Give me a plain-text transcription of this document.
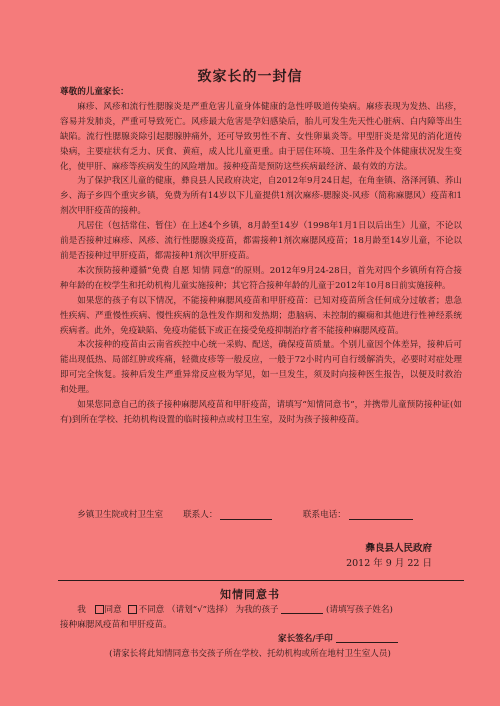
致家长的一封信

尊敬的儿童家长：

麻疹、风疹和流行性腮腺炎是严重危害儿童身体健康的急性呼吸道传染病。麻疹表现为发热、出疹，容易并发肺炎，严重可导致死亡。风疹最大危害是孕妇感染后，胎儿可发生先天性心脏病、白内障等出生缺陷。流行性腮腺炎除引起腮腺肿痛外，还可导致男性不育、女性卵巢炎等。甲型肝炎是常见的消化道传染病，主要症状有乏力、厌食、黄疸，成人比儿童更重。由于居住环境、卫生条件及个体健康状况发生变化，使甲肝、麻疹等疾病发生的风险增加。接种疫苗是预防这些疾病最经济、最有效的方法。

为了保护我区儿童的健康，彝良县人民政府决定，自2012年9月24日起，在角奎镇、洛泽河镇、荞山乡、海子乡四个重灾乡镇，免费为所有14岁以下儿童提供1剂次麻疹-腮腺炎-风疹（简称麻腮风）疫苗和1剂次甲肝疫苗的接种。

凡居住（包括常住、暂住）在上述4个乡镇，8月龄至14岁（1998年1月1日以后出生）儿童，不论以前是否接种过麻疹、风疹、流行性腮腺炎疫苗，都需接种1剂次麻腮风疫苗；18月龄至14岁儿童，不论以前是否接种过甲肝疫苗，都需接种1剂次甲肝疫苗。

本次预防接种遵循“免费 自愿 知情 同意”的原则。2012年9月24-28日，首先对四个乡镇所有符合接种年龄的在校学生和托幼机构儿童实施接种；其它符合接种年龄的儿童于2012年10月8日前实施接种。

如果您的孩子有以下情况，不能接种麻腮风疫苗和甲肝疫苗：已知对疫苗所含任何成分过敏者；患急性疾病、严重慢性疾病、慢性疾病的急性发作期和发热期；患脑病、未控制的癫痫和其他进行性神经系统疾病者。此外，免疫缺陷、免疫功能低下或正在接受免疫抑制治疗者不能接种麻腮风疫苗。

本次接种的疫苗由云南省疾控中心统一采购、配送，确保疫苗质量。个别儿童因个体差异，接种后可能出现低热、局部红肿或疼痛，轻微皮疹等一般反应，一般于72小时内可自行缓解消失，必要时对症处理即可完全恢复。接种后发生严重异常反应极为罕见，如一旦发生，须及时向接种医生报告，以便及时救治和处理。

如果您同意自己的孩子接种麻腮风疫苗和甲肝疫苗，请填写“知情同意书”，并携带儿童预防接种证(如有)到所在学校、托幼机构设置的临时接种点或村卫生室，及时为孩子接种疫苗。

乡镇卫生院或村卫生室 联系人：	联系电话：
彝良县人民政府
2012 年 9 月 22 日
知情同意书

我 同意 不同意 （请划“√”选择） 为我的孩子	(请填写孩子姓名)

接种麻腮风疫苗和甲肝疫苗。

家长签名/手印
(请家长将此知情同意书交孩子所在学校、托幼机构或所在地村卫生室人员)
